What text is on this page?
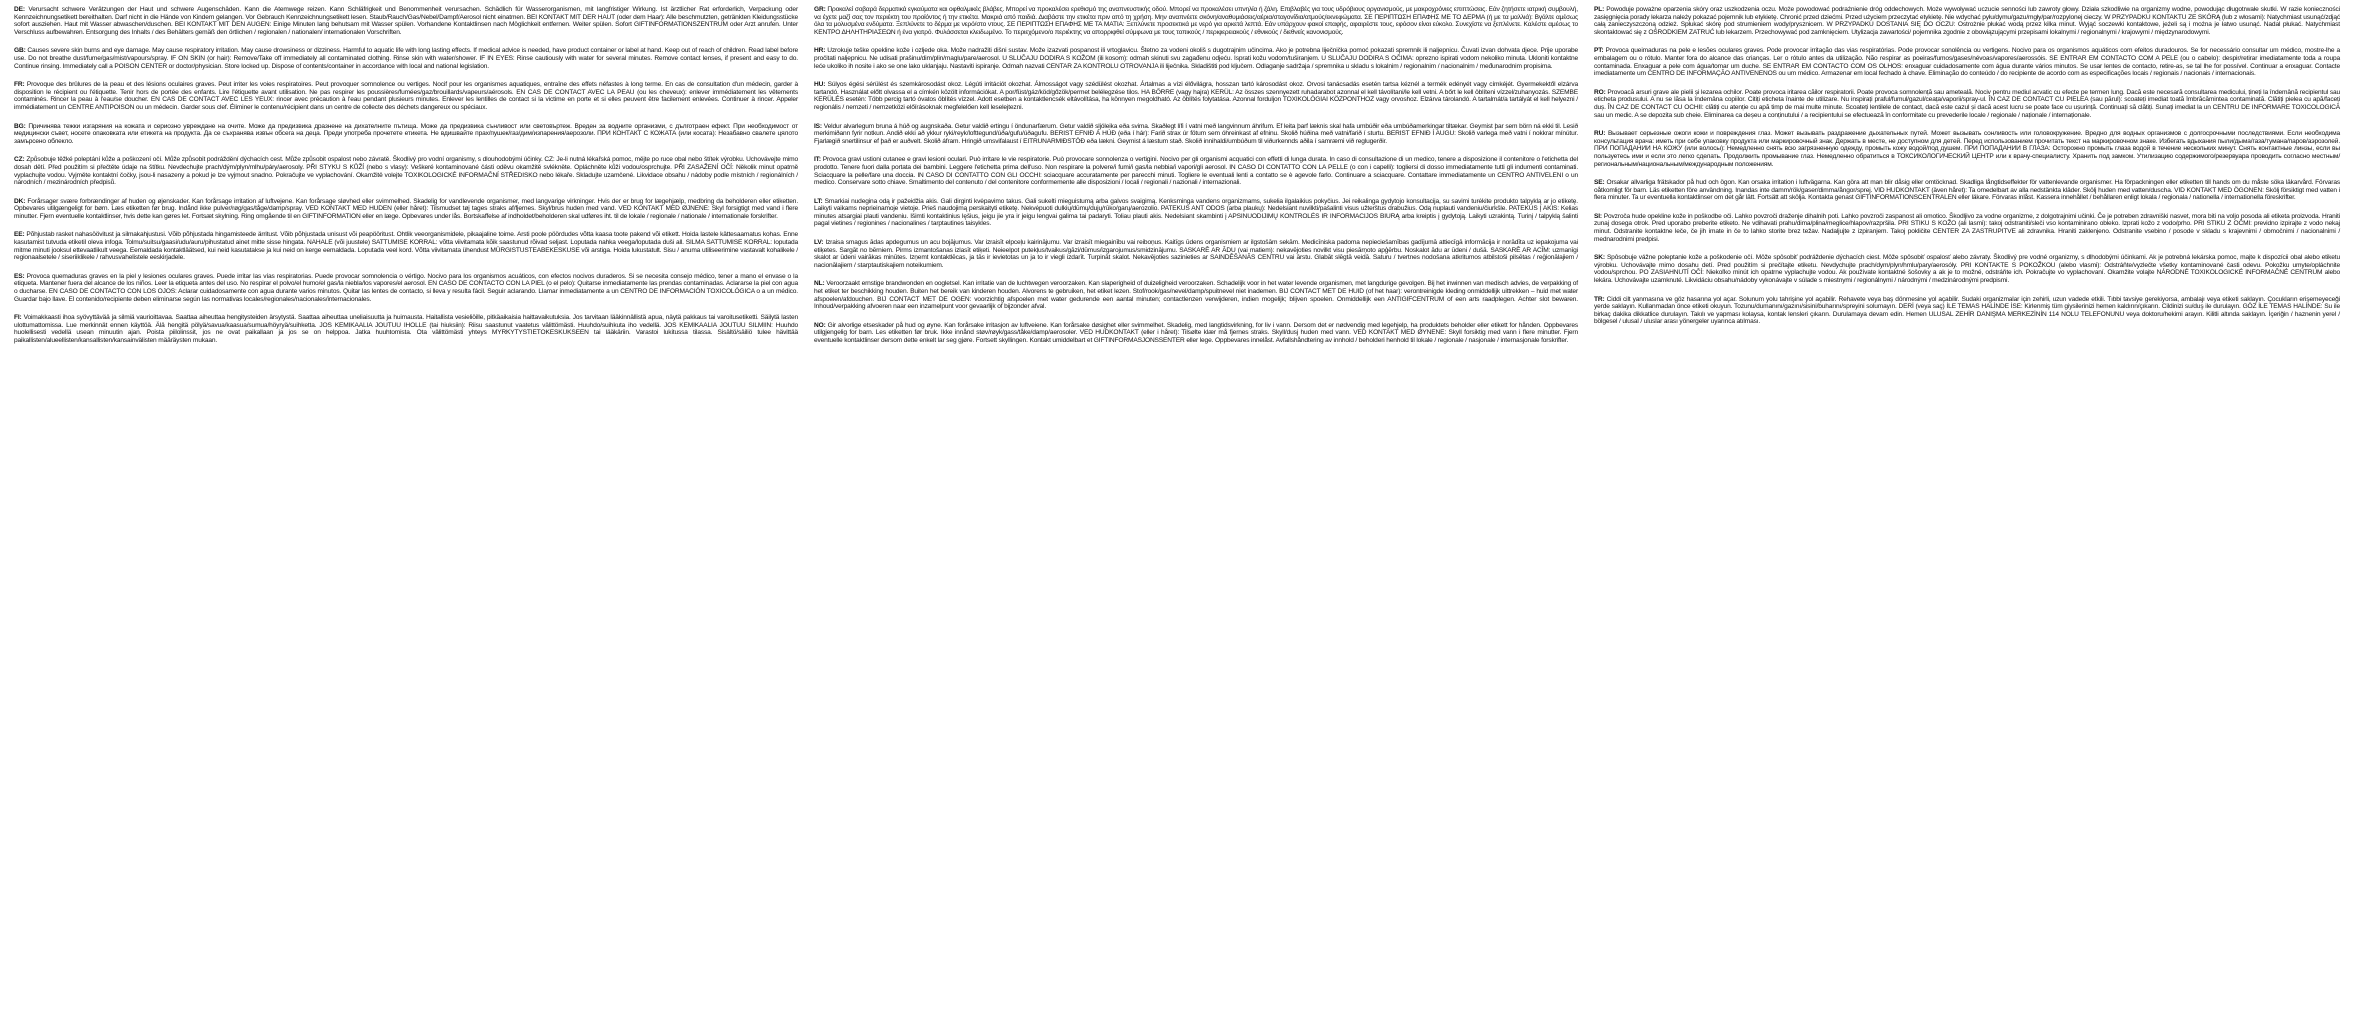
DE: Verursacht schwere Verätzungen der Haut und schwere Augenschäden. Kann die Atemwege reizen. Kann Schläfrigkeit und Benommenheit verursachen. Schädlich für Wasserorganismen, mit langfristiger Wirkung. Ist ärztlicher Rat erforderlich, Verpackung oder Kennzeichnungsetikett bereithalten. Darf nicht in die Hände von Kindern gelangen. Vor Gebrauch Kennzeichnungsetikett lesen. Staub/Rauch/Gas/Nebel/Dampf/Aerosol nicht einatmen. BEI KONTAKT MIT DER HAUT (oder dem Haar): Alle beschmutzten, getränkten Kleidungsstücke sofort ausziehen. Haut mit Wasser abwaschen/duschen. BEI KONTAKT MIT DEN AUGEN: Einige Minuten lang behutsam mit Wasser spülen. Vorhandene Kontaktlinsen nach Möglichkeit entfernen. Weiter spülen. Sofort GIFTINFORMATIONSZENTRUM oder Arzt anrufen. Unter Verschluss aufbewahren. Entsorgung des Inhalts / des Behälters gemäß den örtlichen / regionalen / nationalen/ internationalen Vorschriften.

GB: Causes severe skin burns and eye damage. May cause respiratory irritation. May cause drowsiness or dizziness. Harmful to aquatic life with long lasting effects. If medical advice is needed, have product container or label at hand. Keep out of reach of children. Read label before use. Do not breathe dust/fume/gas/mist/vapours/spray. IF ON SKIN (or hair): Remove/Take off immediately all contaminated clothing. Rinse skin with water/shower. IF IN EYES: Rinse cautiously with water for several minutes. Remove contact lenses, if present and easy to do. Continue rinsing. Immediately call a POISON CENTER or doctor/physician. Store locked up. Dispose of contents/container in accordance with local and national legislation.

FR: Provoque des brûlures de la peau et des lésions oculaires graves. Peut irriter les voies respiratoires. Peut provoquer somnolence ou vertiges. Nocif pour les organismes aquatiques, entraîne des effets néfastes à long terme. En cas de consultation d'un médecin, garder à disposition le récipient ou l'étiquette. Tenir hors de portée des enfants. Lire l'étiquette avant utilisation. Ne pas respirer les poussières/fumées/gaz/brouillards/vapeurs/aérosols. EN CAS DE CONTACT AVEC LA PEAU (ou les cheveux): enlever immédiatement les vêtements contaminés. Rincer la peau à l'eau/se doucher. EN CAS DE CONTACT AVEC LES YEUX: rincer avec précaution à l'eau pendant plusieurs minutes. Enlever les lentilles de contact si la victime en porte et si elles peuvent être facilement enlevées. Continuer à rincer. Appeler immédiatement un CENTRE ANTIPOISON ou un médecin. Garder sous clef. Éliminer le contenu/récipient dans un centre de collecte des déchets dangereux ou spéciaux.

BG: Причинява тежки изгаряния на кожата и сериозно увреждане на очите. Може да предизвика дразнене на дихателните пътища. Може да предизвика сънливост или световъртеж. Вреден за водните организми, с дълготраен ефект. При необходимост от медицински съвет, носете опаковката или етикета на продукта. Да се съхранява извън обсега на деца. Преди употреба прочетете етикета. Не вдишвайте прах/пушек/газ/дим/изпарения/аерозоли. ПРИ КОНТАКТ С КОЖАТА (или косата): Незабавно свалете цялото замърсено облекло.

CZ: Způsobuje těžké poleptání kůže a poškození očí. Může způsobit podráždění dýchacích cest. Může způsobit ospalost nebo závratě. Škodlivý pro vodní organismy, s dlouhodobými účinky. CZ: Je-li nutná lékařská pomoc, mějte po ruce obal nebo štítek výrobku. Uchovávejte mimo dosah dětí. Před použitím si přečtěte údaje na štítku. Nevdechujte prach/dým/plyn/mlhu/páry/aerosoly. PŘI STYKU S KŮŽÍ (nebo s vlasy): Veškeré kontaminované části oděvu okamžitě svlékněte. Opláchněte kůži vodou/osprchujte. PŘI ZASAŽENÍ OČÍ: Několik minut opatrně vyplachujte vodou. Vyjměte kontaktní čočky, jsou-li nasazeny a pokud je lze vyjmout snadno. Pokračujte ve vyplachování. Okamžitě volejte TOXIKOLOGICKÉ INFORMAČNÍ STŘEDISKO nebo lékaře. Skladujte uzamčené. Likvidace obsahu / nádoby podle místních / regionálních / národních / mezinárodních předpisů.

DK: Forårsager svære forbrændinger af huden og øjenskader. Kan forårsage irritation af luftvejene. Kan forårsage sløvhed eller svimmelhed. Skadelig for vandlevende organismer, med langvarige virkninger. Hvis der er brug for lægehjælp, medbring da beholderen eller etiketten. Opbevares utilgængeligt for børn. Læs etiketten før brug. Indånd ikke pulver/røg/gas/tåge/damp/spray. VED KONTAKT MED HUDEN (eller håret): Tilsmudset tøj tages straks af/fjernes. Skyl/brus huden med vand. VED KONTAKT MED ØJNENE: Skyl forsigtigt med vand i flere minutter. Fjern eventuelle kontaktlinser, hvis dette kan gøres let. Fortsæt skylning. Ring omgående til en GIFTINFORMATION eller en læge. Opbevares under lås. Bortskaffelse af indholdet/beholderen skal udføres iht. til de lokale / regionale / nationale / internationale forskrifter.

EE: Põhjustab rasket nahasöövitust ja silmakahjustusi. Võib põhjustada hingamisteede ärritust. Võib põhjustada unisust või peapööritust. Ohtlik veeorganismidele, pikaajaline toime. Arsti poole pöördudes võtta kaasa toote pakend või etikett. Hoida lastele kättesaamatus kohas. Enne kasutamist tutvuda etiketil oleva infoga. Tolmu/suitsu/gaasi/udu/auru/pihustatud ainet mitte sisse hingata. NAHALE (või juustele) SATTUMISE KORRAL: võtta viivitamata kõik saastunud rõivad seljast. Loputada nahka veega/loputada duši all. SILMA SATTUMISE KORRAL: loputada mitme minuti jooksul ettevaatlikult veega. Eemaldada kontaktläätsed, kui neid kasutatakse ja kui neid on kerge eemaldada. Loputada veel kord. Võtta viivitamata ühendust MÜRGISTUSTEABEKESKUSE või arstiga. Hoida lukustatult. Sisu / anuma utiliseerimine vastavalt kohalikele / regionaalsetele / siseriiklikele / rahvusvahelistele eeskirjadele.

ES: Provoca quemaduras graves en la piel y lesiones oculares graves. Puede irritar las vías respiratorias. Puede provocar somnolencia o vértigo. Nocivo para los organismos acuáticos, con efectos nocivos duraderos. Si se necesita consejo médico, tener a mano el envase o la etiqueta. Mantener fuera del alcance de los niños. Leer la etiqueta antes del uso. No respirar el polvo/el humo/el gas/la niebla/los vapores/el aerosol. EN CASO DE CONTACTO CON LA PIEL (o el pelo): Quitarse inmediatamente las prendas contaminadas. Aclararse la piel con agua o ducharse. EN CASO DE CONTACTO CON LOS OJOS: Aclarar cuidadosamente con agua durante varios minutos. Quitar las lentes de contacto, si lleva y resulta fácil. Seguir aclarando. Llamar inmediatamente a un CENTRO DE INFORMACIÓN TOXICOLÓGICA o a un médico. Guardar bajo llave. El contenido/recipiente deben eliminarse según las normativas locales/regionales/nacionales/internacionales.

FI: Voimakkaasti ihoa syövyttävää ja silmiä vaurioittavaa. Saattaa aiheuttaa hengitysteiden ärsytystä. Saattaa aiheuttaa uneliaisuutta ja huimausta. Haitallista vesieliöille, pitkäaikaisia haittavaikutuksia. Jos tarvitaan lääkinnällistä apua, näytä pakkaus tai varoitusetiketti. Säilytä lasten ulottumattomissa. Lue merkinnät ennen käyttöä. Älä hengitä pölyä/savua/kaasua/sumua/höyryä/suihketta. JOS KEMIKAALIA JOUTUU IHOLLE (tai hiuksiin): Riisu saastunut vaatetus välittömästi. Huuhdo/suihkuta iho vedellä. JOS KEMIKAALIA JOUTUU SILMIIN: Huuhdo huolellisesti vedellä usean minuutin ajan. Poista piilolinssit, jos ne ovat paikallaan ja jos se on helppoa. Jatka huuhtomista. Ota välittömästi yhteys MYRKYTYSTIETOKESKUKSEEN tai lääkäriin. Varastoi lukitussa tilassa. Sisältö/säiliö tulee hävittää paikallisten/alueellisten/kansallisten/kansainvälisten määräysten mukaan.

GR: Προκαλεί σοβαρά δερματικά εγκαύματα και οφθαλμικές βλάβες. Μπορεί να προκαλέσει ερεθισμό της αναπνευστικής οδού. Μπορεί να προκαλέσει υπνηλία ή ζάλη. Επιβλαβές για τους υδρόβιους οργανισμούς, με μακροχρόνιες επιπτώσεις. Εάν ζητήσετε ιατρική συμβουλή, να έχετε μαζί σας τον περιέκτη του προϊόντος ή την ετικέτα. Μακριά από παιδιά. Διαβάστε την ετικέτα πριν από τη χρήση. Μην αναπνέετε σκόνη/αναθυμιάσεις/αέρια/σταγονίδια/ατμούς/εκνεφώματα. ΣΕ ΠΕΡΙΠΤΩΣΗ ΕΠΑΦΗΣ ΜΕ ΤΟ ΔΕΡΜΑ (ή με τα μαλλιά): Βγάλτε αμέσως όλα τα μολυσμένα ενδύματα. Ξεπλύνετε το δέρμα με νερό/στο ντους. ΣΕ ΠΕΡΙΠΤΩΣΗ ΕΠΑΦΗΣ ΜΕ ΤΑ ΜΑΤΙΑ: Ξεπλύνετε προσεκτικά με νερό για αρκετά λεπτά. Εάν υπάρχουν φακοί επαφής, αφαιρέστε τους, εφόσον είναι εύκολο. Συνεχίστε να ξεπλένετε. Καλέστε αμέσως το ΚΕΝΤΡΟ ΔΗΛΗΤΗΡΙΑΣΕΩΝ ή ένα γιατρό. Φυλάσσεται κλειδωμένο. Το περιεχόμενο/ο περιέκτης να απορριφθεί σύμφωνα με τους τοπικούς / περιφερειακούς / εθνικούς / διεθνείς κανονισμούς.

HR: Uzrokuje teške opekline kože i ozljede oka. Može nadražiti dišni sustav. Može izazvati pospanost ili vrtoglavicu. Štetno za vodeni okoliš s dugotrajnim učincima. Ako je potrebna liječnička pomoć pokazati spremnik ili naljepnicu. Čuvati izvan dohvata djece. Prije uporabe pročitati naljepnicu. Ne udisati prašinu/dim/plin/maglu/pare/aerosol. U SLUČAJU DODIRA S KOŽOM (ili kosom): odmah skinuti svu zagađenu odjeću. Isprati kožu vodom/tuširanjem. U SLUČAJU DODIRA S OČIMA: oprezno ispirati vodom nekoliko minuta. Ukloniti kontaktne leće ukoliko ih nosite i ako se one lako uklanjaju. Nastaviti ispiranje. Odmah nazvati CENTAR ZA KONTROLU OTROVANJA ili liječnika. Skladištiti pod ključem. Odlaganje sadržaja / spremnika u skladu s lokalnim / regionalnim / nacionalnim / međunarodnim propisima.

HU: Súlyos égési sérülést és szemkárosodást okoz. Légúti irritációt okozhat. Álmosságot vagy szédülést okozhat. Ártalmas a vízi élővilágra, hosszan tartó károsodást okoz. Orvosi tanácsadás esetén tartsa kéznél a termék edényét vagy címkéjét. Gyermekektől elzárva tartandó. Használat előtt olvassa el a címkén közölt információkat. A por/füst/gáz/köd/gőzök/permet belélegzése tilos. HA BŐRRE (vagy hajra) KERÜL: Az összes szennyezett ruhadarabot azonnal el kell távolítani/le kell vetni. A bőrt le kell öblíteni vízzel/zuhanyozás. SZEMBE KERÜLÉS esetén: Több percig tartó óvatos öblítés vízzel. Adott esetben a kontaktlencsék eltávolítása, ha könnyen megoldható. Az öblítés folytatása. Azonnal forduljon TOXIKOLÓGIAI KÖZPONTHOZ vagy orvoshoz. Elzárva tárolandó. A tartalmát/a tartályát el kell helyezni / regionális / nemzeti / nemzetközi előírásoknak megfelelően kell leselejtezni.

IS: Veldur alvarlegum bruna á húð og augnskaða. Getur valdið ertingu í öndunarfærum. Getur valdið sljóleika eða svima. Skaðlegt lífi í vatni með langvinnum áhrifum. Ef leita þarf læknis skal hafa umbúðir eða umbúðamerkingar tiltækar. Geymist þar sem börn ná ekki til. Lesið merkimiðann fyrir notkun. Andið ekki að ykkur ryki/reyk/lofttegund/úða/gufu/úðagufu. BERIST EFNIÐ Á HÚÐ (eða í hár): Farið strax úr fötum sem óhreinkast af efninu. Skolið húðina með vatni/farið í sturtu. BERIST EFNIÐ Í AUGU: Skolið varlega með vatni í nokkrar mínútur. Fjarlægið snertilinsur ef það er auðvelt. Skolið áfram. Hringið umsvifalaust í EITRUNARMIÐSTÖÐ eða lækni. Geymist á læstum stað. Skolið innihaldi/umbúðum til viðurkennds aðila í samræmi við reglugerðir.

IT: Provoca gravi ustioni cutanee e gravi lesioni oculari. Può irritare le vie respiratorie. Può provocare sonnolenza o vertigini. Nocivo per gli organismi acquatici con effetti di lunga durata. In caso di consultazione di un medico, tenere a disposizione il contenitore o l'etichetta del prodotto. Tenere fuori dalla portata dei bambini. Leggere l'etichetta prima dell'uso. Non respirare la polvere/i fumi/i gas/la nebbia/i vapori/gli aerosol. IN CASO DI CONTATTO CON LA PELLE (o con i capelli): togliersi di dosso immediatamente tutti gli indumenti contaminati. Sciacquare la pelle/fare una doccia. IN CASO DI CONTATTO CON GLI OCCHI: sciacquare accuratamente per parecchi minuti. Togliere le eventuali lenti a contatto se è agevole farlo. Continuare a sciacquare. Contattare immediatamente un CENTRO ANTIVELENI o un medico. Conservare sotto chiave. Smaltimento del contenuto / del contenitore conformemente alle disposizioni / locali / regionali / nazionali / internazionali.

LT: Smarkiai nudegina odą ir pažeidžia akis. Gali dirginti kvėpavimo takus. Gali sukelti mieguistumą arba galvos svaigimą. Kenksminga vandens organizmams, sukelia ilgalaikius pokyčius. Jei reikalinga gydytojo konsultacija, su savimi turėkite produkto talpyklą ar jo etiketę. Laikyti vaikams neprieinamoje vietoje. Prieš naudojimą perskaityti etiketę. Nekvėpuoti dulkių/dūmų/dujų/rūko/garų/aerozolio. PATEKUS ANT ODOS (arba plaukų): Nedelsiant nuvilkti/pašalinti visus užterštus drabužius. Odą nuplauti vandeniu/čiurkšle. PATEKUS Į AKIS: Kelias minutes atsargiai plauti vandeniu. Išimti kontaktinius lęšius, jeigu jie yra ir jeigu lengvai galima tai padaryti. Toliau plauti akis. Nedelsiant skambinti į APSINUODIJIMŲ KONTROLĖS IR INFORMACIJOS BIURĄ arba kreiptis į gydytoją. Laikyti uzrakintą. Turinį / talpyklą šalinti pagal vietines / regionines / nacionalines / tarptautines taisykles.

LV: Izraisa smagus ādas apdegumus un acu bojājumus. Var izraisīt elpceļu kairinājumu. Var izraisīt miegainību vai reiboņus. Kaitīgs ūdens organismiem ar ilgstošām sekām. Medicīniska padoma nepieciešamības gadījumā attiecīgā informācija ir norādīta uz iepakojuma vai etiķetes. Sargāt no bērniem. Pirms izmantošanas izlasīt etiķeti. Neieelpot putekļus/tvaikus/gāzi/dūmus/izgarojumus/smidzinājumu. SASKARĒ AR ĀDU (vai matiem): nekavējoties novilkt visu piesārņoto apģērbu. Noskalot ādu ar ūdeni / dušā. SASKARĒ AR ACĪM: uzmanīgi skalot ar ūdeni vairākas minūtes. Izņemt kontaktlēcas, ja tās ir ievietotas un ja to ir viegli izdarīt. Turpināt skalot. Nekavējoties sazinieties ar SAINDĒŠANĀS CENTRU vai ārstu. Glabāt slēgtā veidā. Saturu / tvertnes nodošana atkritumos atbilstoši pilsētas / reģionālajiem / nacionālajiem / starptautiskajiem noteikumiem.

NL: Veroorzaakt ernstige brandwonden en oogletsel. Kan irritatie van de luchtwegen veroorzaken. Kan slaperigheid of duizeligheid veroorzaken. Schadelijk voor in het water levende organismen, met langdurige gevolgen. Bij het inwinnen van medisch advies, de verpakking of het etiket ter beschikking houden. Buiten het bereik van kinderen houden. Alvorens te gebruiken, het etiket lezen. Stof/rook/gas/nevel/damp/spuitnevel niet inademen. BIJ CONTACT MET DE HUID (of het haar): verontreinigde kleding onmiddellijk uittrekken – huid met water afspoelen/afdouchen. BIJ CONTACT MET DE OGEN: voorzichtig afspoelen met water gedurende een aantal minuten; contactlenzen verwijderen, indien mogelijk; blijven spoelen. Onmiddellijk een ANTIGIFCENTRUM of een arts raadplegen. Achter slot bewaren. Inhoud/verpakking afvoeren naar een inzamelpunt voor gevaarlijk of bijzonder afval.

NO: Gir alvorlige etseskader på hud og øyne. Kan forårsake irritasjon av luftveiene. Kan forårsake døsighet eller svimmelhet. Skadelig, med langtidsvirkning, for liv i vann. Dersom det er nødvendig med legehjelp, ha produktets beholder eller etikett for hånden. Oppbevares utilgjengelig for barn. Les etiketten før bruk. Ikke innånd støv/røyk/gass/tåke/damp/aerosoler. VED HUDKONTAKT (eller i håret): Tilsølte klær må fjernes straks. Skyll/dusj huden med vann. VED KONTAKT MED ØYNENE: Skyll forsiktig med vann i flere minutter. Fjern eventuelle kontaktlinser dersom dette enkelt lar seg gjøre. Fortsett skyllingen. Kontakt umiddelbart et GIFTINFORMASJONSSENTER eller lege. Oppbevares innelåst. Avfallshåndtering av innhold / beholderi henhold til lokale / regionale / nasjonale / internasjonale forskrifter.

PL: Powoduje poważne oparzenia skóry oraz uszkodzenia oczu. Może powodować podrażnienie dróg oddechowych. Może wywoływać uczucie senności lub zawroty głowy. Działa szkodliwie na organizmy wodne, powodując długotrwałe skutki. W razie konieczności zasięgnięcia porady lekarza należy pokazać pojemnik lub etykietę. Chronić przed dziećmi. Przed użyciem przeczytać etykietę. Nie wdychać pyłu/dymu/gazu/mgły/par/rozpylonej cieczy. W PRZYPADKU KONTAKTU ZE SKÓRĄ (lub z włosami): Natychmiast usunąć/zdjąć całą zanieczyszczoną odzież. Spłukać skórę pod strumieniem wody/prysznicem. W PRZYPADKU DOSTANIA SIĘ DO OCZU: Ostrożnie płukać wodą przez kilka minut. Wyjąć soczewki kontaktowe, jeżeli są i można je łatwo usunąć. Nadal płukać. Natychmiast skontaktować się z OŚRODKIEM ZATRUĆ lub lekarzem. Przechowywać pod zamknięciem. Utylizacja zawartości/ pojemnika zgodnie z obowiązującymi przepisami lokalnymi / regionalnymi / krajowymi / międzynarodowymi.

PT: Provoca queimaduras na pele e lesões oculares graves. Pode provocar irritação das vias respiratórias. Pode provocar sonolência ou vertigens. Nocivo para os organismos aquáticos com efeitos duradouros. Se for necessário consultar um médico, mostre-lhe a embalagem ou o rótulo. Manter fora do alcance das crianças. Ler o rótulo antes da utilização. Não respirar as poeiras/fumos/gases/névoas/vapores/aerossóis. SE ENTRAR EM CONTACTO COM A PELE (ou o cabelo): despir/retirar imediatamente toda a roupa contaminada. Enxaguar a pele com água/tomar um duche. SE ENTRAR EM CONTACTO COM OS OLHOS: enxaguar cuidadosamente com água durante vários minutos. Se usar lentes de contacto, retire-as, se tal lhe for possível. Continuar a enxaguar. Contacte imediatamente um CENTRO DE INFORMAÇÃO ANTIVENENOS ou um médico. Armazenar em local fechado à chave. Eliminação do conteúdo / do recipiente de acordo com as especificações locais / regionais / nacionais / internacionais.

RO: Provoacă arsuri grave ale pielii și lezarea ochilor. Poate provoca iritarea căilor respiratorii. Poate provoca somnolență sau ameteală. Nociv pentru mediul acvatic cu efecte pe termen lung. Dacă este necesară consultarea medicului, țineți la îndemână recipientul sau eticheta produsului. A nu se lăsa la îndemâna copiilor. Citiți eticheta înainte de utilizare. Nu inspirați praful/fumul/gazul/ceața/vaporii/spray-ul. ÎN CAZ DE CONTACT CU PIELEA (sau părul): scoateți imediat toată îmbrăcămintea contaminată. Clătiți pielea cu apă/faceți duș. ÎN CAZ DE CONTACT CU OCHII: clătiți cu atenție cu apă timp de mai multe minute. Scoateți lentilele de contact, dacă este cazul și dacă acest lucru se poate face cu ușurință. Continuați să clătiți. Sunați imediat la un CENTRU DE INFORMARE TOXICOLOGICĂ sau un medic. A se depozita sub cheie. Eliminarea ca deșeu a conținutului / a recipientului se efectuează în conformitate cu prevederile locale / regionale / naționale / internaționale.

RU: Вызывает серьезные ожоги кожи и повреждения глаз. Может вызывать раздражение дыхательных путей. Может вызывать сонливость или головокружение. Вредно для водных организмов с долгосрочными последствиями. Если необходима консультация врача: иметь при себе упаковку продукта или маркировочный знак. Держать в месте, не доступном для детей. Перед использованием прочитать текст на маркировочном знаке. Избегать вдыхания пыли/дыма/газа/тумана/паров/аэрозолей. ПРИ ПОПАДАНИИ НА КОЖУ (или волосы): Немедленно снять всю загрязненную одежду, промыть кожу водой/под душем. ПРИ ПОПАДАНИИ В ГЛАЗА: Осторожно промыть глаза водой в течение нескольких минут. Снять контактные линзы, если вы пользуетесь ими и если это легко сделать. Продолжить промывание глаз. Немедленно обратиться в ТОКСИКОЛОГИЧЕСКИЙ ЦЕНТР или к врачу-специалисту. Хранить под замком. Утилизацию содержимого/резервуара проводить согласно местным/региональным/национальным/международным положениям.

SE: Orsakar allvarliga frätskador på hud och ögon. Kan orsaka irritation i luftvägarna. Kan göra att man blir dåsig eller omtöcknad. Skadliga långtidseffekter för vattenlevande organismer. Ha förpackningen eller etiketten till hands om du måste söka läkarvård. Förvaras oåtkomligt för barn. Läs etiketten före användning. Inandas inte damm/rök/gaser/dimma/ångor/sprej. VID HUDKONTAKT (även håret): Ta omedelbart av alla nedstänkta kläder. Skölj huden med vatten/duscha. VID KONTAKT MED ÖGONEN: Skölj försiktigt med vatten i flera minuter. Ta ur eventuella kontaktlinser om det går lätt. Fortsätt att skölja. Kontakta genast GIFTINFORMATIONSCENTRALEN eller läkare. Förvaras inlåst. Kassera innehållet / behållaren enligt lokala / regionala / nationella / internationella föreskrifter.

SI: Povzroča hude opekline kože in poškodbe oči. Lahko povzroči draženje dihalnih poti. Lahko povzroči zaspanost ali omotico. Škodljivo za vodne organizme, z dolgotrajnimi učinki. Če je potreben zdravniški nasvet, mora biti na voljo posoda ali etiketa proizvoda. Hraniti zunaj dosega otrok. Pred uporabo preberite etiketo. Ne vdihavati prahu/dima/plina/meglice/hlapov/razpršila. PRI STIKU S KOŽO (ali lasmi): takoj odstraniti/sleči vso kontaminirano obleko. Izprati kožo z vodo/prho. PRI STIKU Z OČMI: previdno izpirajte z vodo nekaj minut. Odstranite kontaktne leče, če jih imate in če to lahko storite brez težav. Nadaljujte z izpiranjem. Takoj pokličite CENTER ZA ZASTRUPITVE ali zdravnika. Hraniti zaklenjeno. Odstranite vsebino / posode v skladu s krajevnimi / območnimi / nacionalnimi / mednarodnimi predpisi.

SK: Spôsobuje vážne poleptanie kože a poškodenie očí. Môže spôsobiť podráždenie dýchacích ciest. Môže spôsobiť ospalosť alebo závraty. Škodlivý pre vodné organizmy, s dlhodobými účinkami. Ak je potrebná lekárska pomoc, majte k dispozícii obal alebo etiketu výrobku. Uchovávajte mimo dosahu detí. Pred použitím si prečítajte etiketu. Nevdychujte prach/dym/plyn/hmlu/pary/aerosóly. PRI KONTAKTE S POKOŽKOU (alebo vlasmi): Odstráňte/vyzlečte všetky kontaminované časti odevu. Pokožku umyte/opláchnite vodou/sprchou. PO ZASIAHNUTÍ OČÍ: Niekoľko minút ich opatrne vyplachujte vodou. Ak používate kontaktné šošovky a ak je to možné, odstráňte ich. Pokračujte vo vyplachovaní. Okamžite volajte NÁRODNÉ TOXIKOLOGICKÉ INFORMAČNÉ CENTRUM alebo lekára. Uchovávajte uzamknuté. Likvidáciu obsahu/nádoby vykonávajte v súlade s miestnymi / regionálnymi / národnými / medzinárodnými predpismi.

TR: Ciddi cilt yanmasına ve göz hasarına yol açar. Solunum yolu tahrişine yol açabilir. Rehavete veya baş dönmesine yol açabilir. Sudaki organizmalar için zehirli, uzun vadede etkili. Tıbbi tavsiye gerekiyorsa, ambalajı veya etiketi saklayın. Çocukların erişemeyeceği yerde saklayın. Kullanmadan önce etiketi okuyun. Tozunu/dumanını/gazını/sisini/buharını/spreyini solumayın. DERİ (veya saç) İLE TEMAS HALİNDE İSE: Kirlenmiş tüm giysilerinizi hemen kaldırın/çıkarın. Cildinizi su/duş ile durulayın. GÖZ İLE TEMAS HALİNDE: Su ile birkaç dakika dikkatlice durulayın. Takılı ve yapması kolaysa, kontak lensleri çıkarın. Durulamaya devam edin. Hemen ULUSAL ZEHİR DANIŞMA MERKEZİNİN 114 NOLU TELEFONUNU veya doktoru/hekimi arayın. Kilitli altında saklayın. İçeriğin / haznenin yerel / bölgesel / ulusal / uluslar arası yönergeler uyarınca atılması.
